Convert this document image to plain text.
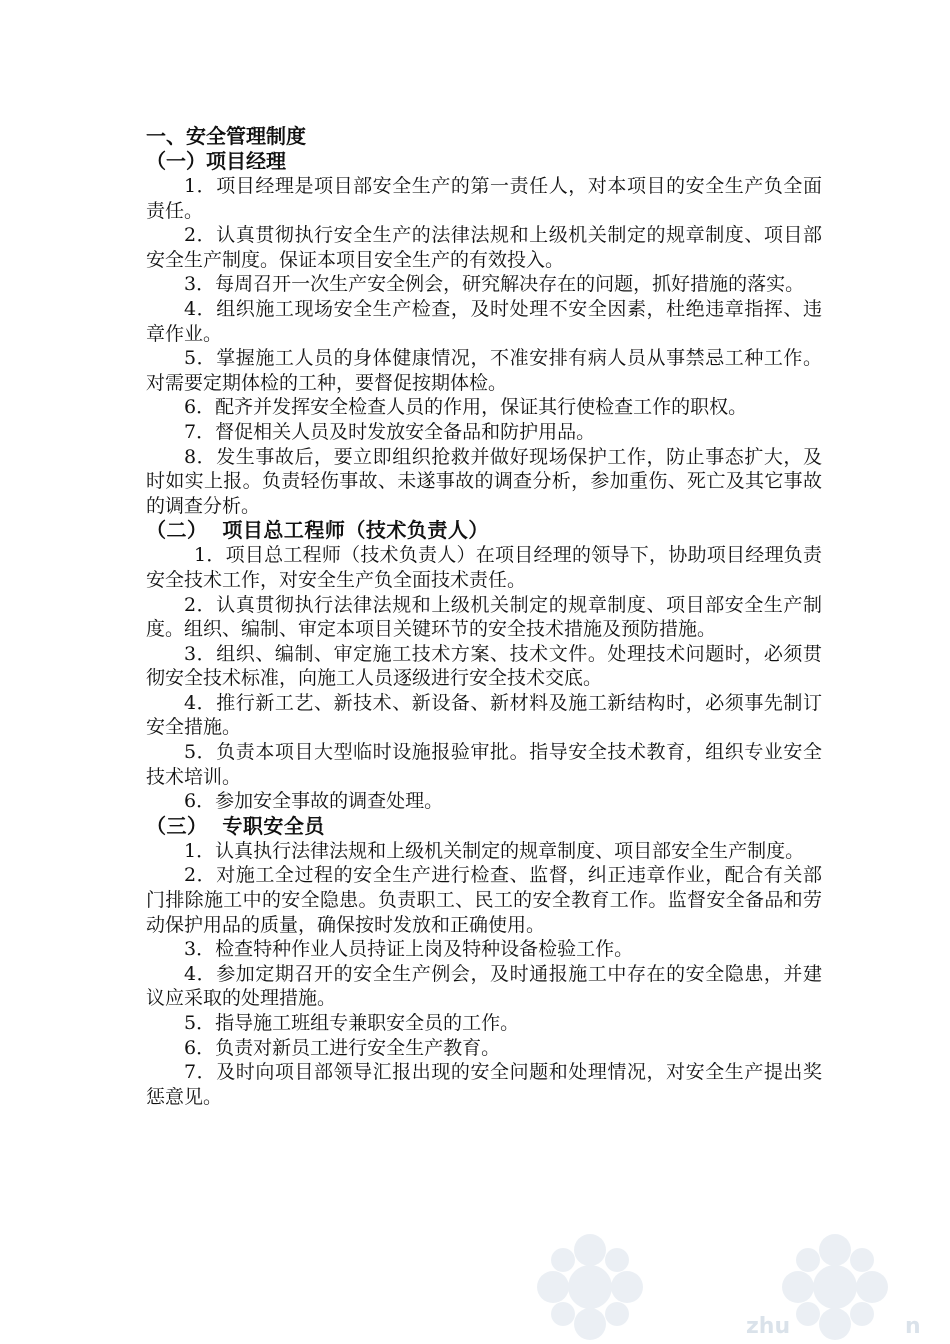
一、安全管理制度

（一）项目经理

1．项目经理是项目部安全生产的第一责任人，对本项目的安全生产负全面责任。

2．认真贯彻执行安全生产的法律法规和上级机关制定的规章制度、项目部安全生产制度。保证本项目安全生产的有效投入。

3．每周召开一次生产安全例会，研究解决存在的问题，抓好措施的落实。

4．组织施工现场安全生产检查，及时处理不安全因素，杜绝违章指挥、违章作业。

5．掌握施工人员的身体健康情况，不准安排有病人员从事禁忌工种工作。对需要定期体检的工种，要督促按期体检。

6．配齐并发挥安全检查人员的作用，保证其行使检查工作的职权。

7．督促相关人员及时发放安全备品和防护用品。

8．发生事故后，要立即组织抢救并做好现场保护工作，防止事态扩大，及时如实上报。负责轻伤事故、未遂事故的调查分析，参加重伤、死亡及其它事故的调查分析。

（二）  项目总工程师（技术负责人）

1．项目总工程师（技术负责人）在项目经理的领导下，协助项目经理负责安全技术工作，对安全生产负全面技术责任。

2．认真贯彻执行法律法规和上级机关制定的规章制度、项目部安全生产制度。组织、编制、审定本项目关键环节的安全技术措施及预防措施。

3．组织、编制、审定施工技术方案、技术文件。处理技术问题时，必须贯彻安全技术标准，向施工人员逐级进行安全技术交底。

4．推行新工艺、新技术、新设备、新材料及施工新结构时，必须事先制订安全措施。

5．负责本项目大型临时设施报验审批。指导安全技术教育，组织专业安全技术培训。

6．参加安全事故的调查处理。

（三）  专职安全员

1．认真执行法律法规和上级机关制定的规章制度、项目部安全生产制度。

2．对施工全过程的安全生产进行检查、监督，纠正违章作业，配合有关部门排除施工中的安全隐患。负责职工、民工的安全教育工作。监督安全备品和劳动保护用品的质量，确保按时发放和正确使用。

3．检查特种作业人员持证上岗及特种设备检验工作。

4．参加定期召开的安全生产例会，及时通报施工中存在的安全隐患，并建议应采取的处理措施。

5．指导施工班组专兼职安全员的工作。

6．负责对新员工进行安全生产教育。

7．及时向项目部领导汇报出现的安全问题和处理情况，对安全生产提出奖惩意见。

zhu	n
